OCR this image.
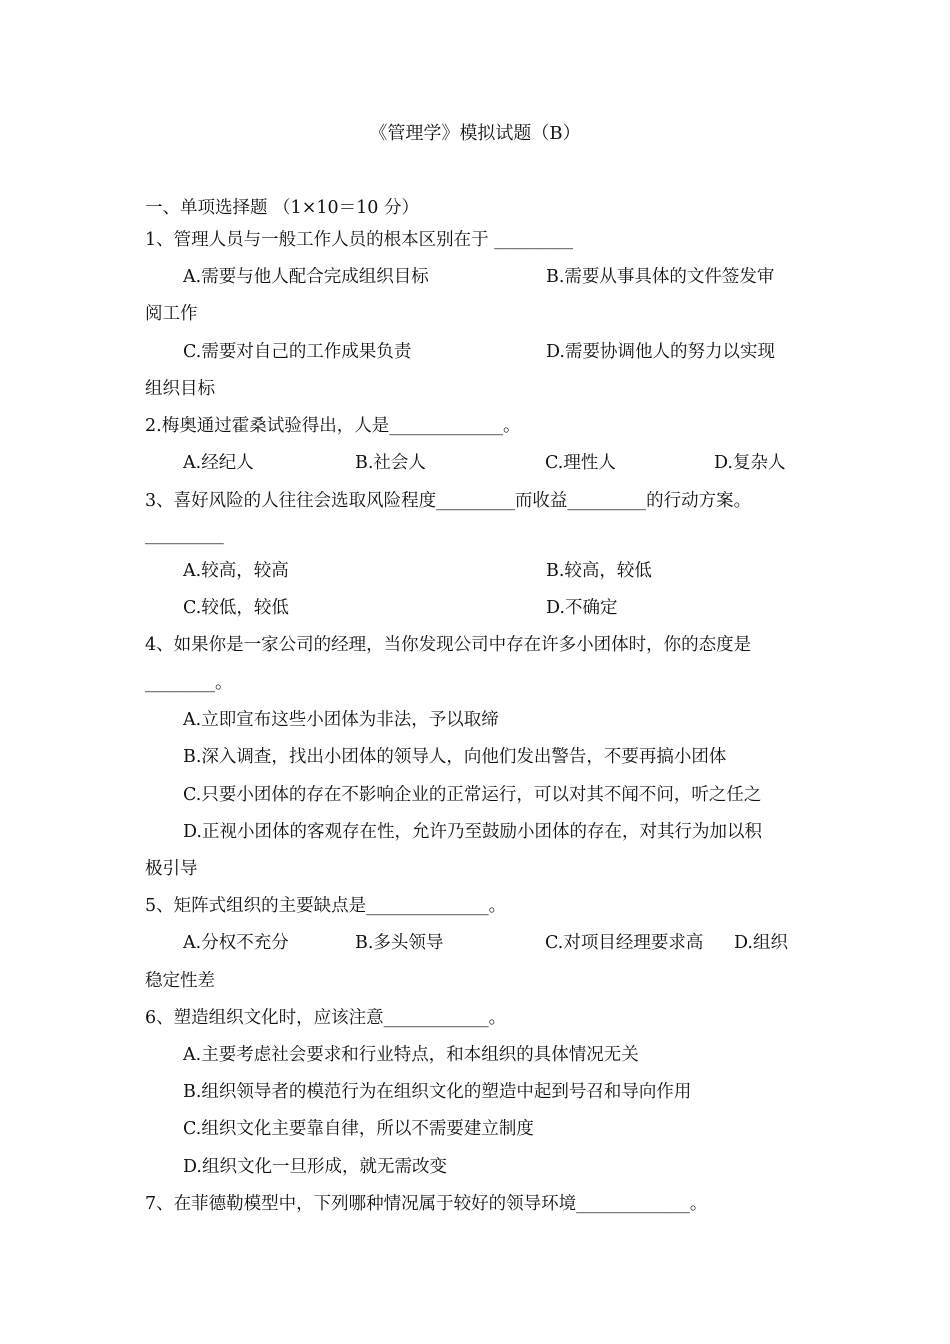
《管理学》模拟试题（B）
一、单项选择题 （1×10＝10 分）
1、管理人员与一般工作人员的根本区别在于 _________
A.需要与他人配合完成组织目标	B.需要从事具体的文件签发审
阅工作
C.需要对自己的工作成果负责	D.需要协调他人的努力以实现
组织目标
2.梅奥通过霍桑试验得出，人是_____________。
A.经纪人	B.社会人	C.理性人	D.复杂人
3、喜好风险的人往往会选取风险程度_________而收益_________的行动方案。
_________
A.较高，较高	B.较高，较低
C.较低，较低	D.不确定
4、如果你是一家公司的经理，当你发现公司中存在许多小团体时，你的态度是
________。
A.立即宣布这些小团体为非法，予以取缔
B.深入调查，找出小团体的领导人，向他们发出警告，不要再搞小团体
C.只要小团体的存在不影响企业的正常运行，可以对其不闻不问，听之任之
D.正视小团体的客观存在性，允许乃至鼓励小团体的存在，对其行为加以积
极引导
5、矩阵式组织的主要缺点是______________。
A.分权不充分	B.多头领导	C.对项目经理要求高 D.组织
稳定性差
6、塑造组织文化时，应该注意____________。
A.主要考虑社会要求和行业特点，和本组织的具体情况无关
B.组织领导者的模范行为在组织文化的塑造中起到号召和导向作用
C.组织文化主要靠自律，所以不需要建立制度
D.组织文化一旦形成，就无需改变
7、在菲德勒模型中，下列哪种情况属于较好的领导环境_____________。
